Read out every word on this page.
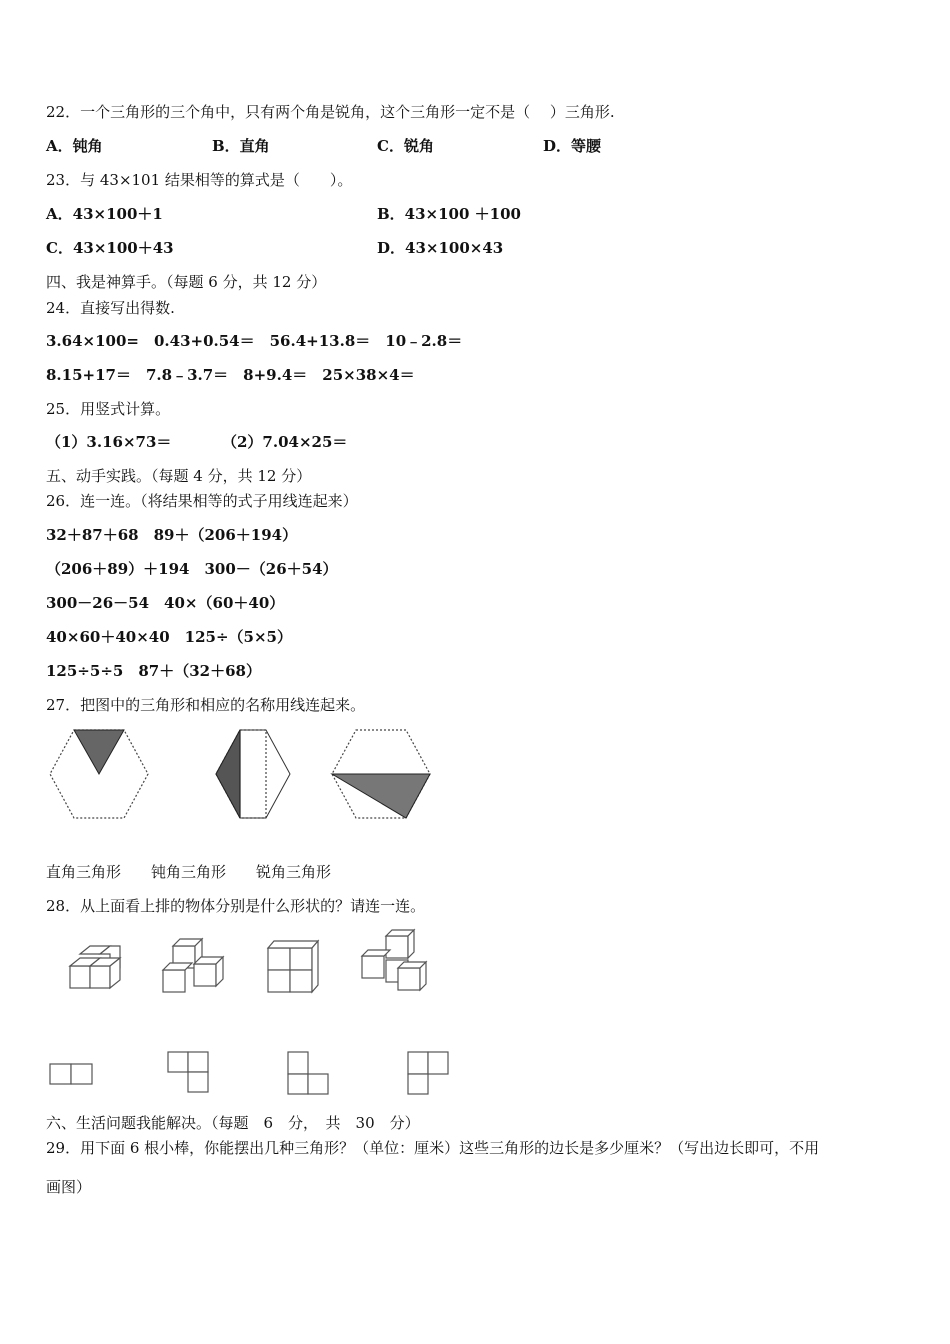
22．一个三角形的三个角中，只有两个角是锐角，这个三角形一定不是（　 ）三角形.
A．钝角	B．直角	C．锐角	D．等腰
23．与 43×101 结果相等的算式是（　　）。
A．43×100＋1	B．43×100 ＋100
C．43×100＋43	D．43×100×43
四、我是神算手。（每题 6 分，共 12 分）
24．直接写出得数.
3.64×100=　0.43+0.54＝　56.4+13.8＝　10﹣2.8＝
8.15+17＝　7.8﹣3.7＝　8+9.4＝　25×38×4＝
25．用竖式计算。
（1）3.16×73＝	（2）7.04×25＝
五、动手实践。（每题 4 分，共 12 分）
26．连一连。（将结果相等的式子用线连起来）
32＋87＋68　89＋（206＋194）
（206＋89）＋194　300－（26＋54）
300－26－54　40×（60＋40）
40×60＋40×40　125÷（5×5）
125÷5÷5　87＋（32＋68）
27．把图中的三角形和相应的名称用线连起来。
直角三角形　　钝角三角形　　锐角三角形
28．从上面看上排的物体分别是什么形状的？请连一连。
六、生活问题我能解决。（每题　6　分，　共　30　分）
29．用下面 6 根小棒，你能摆出几种三角形？（单位：厘米）这些三角形的边长是多少厘米？（写出边长即可，不用
画图）
